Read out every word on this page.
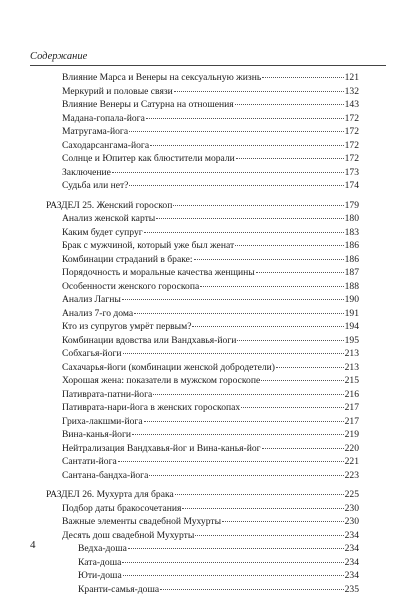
Содержание
Влияние Марса и Венеры на сексуальную жизнь	121
Меркурий и половые связи	132
Влияние Венеры и Сатурна на отношения	143
Мадана-гопала-йога	172
Матругама-йога	172
Саходарсангама-йога	172
Солнце и Юпитер как блюстители морали	172
Заключение	173
Судьба или нет?	174
РАЗДЕЛ 25. Женский гороскоп	179
Анализ женской карты	180
Каким будет супруг	183
Брак с мужчиной, который уже был женат	186
Комбинации страданий в браке:	186
Порядочность и моральные качества женщины	187
Особенности женского гороскопа	188
Анализ Лагны	190
Анализ 7-го дома	191
Кто из супругов умрёт первым?	194
Комбинации вдовства или Вандхавья-йоги	195
Собхагья-йоги	213
Сахачарья-йоги (комбинации женской добродетели)	213
Хорошая жена: показатели в мужском гороскопе	215
Пативрата-патни-йога	216
Пативрата-нари-йога в женских гороскопах	217
Гриха-лакшми-йога	217
Вина-канья-йоги	219
Нейтрализация Вандхавья-йог и Вина-канья-йог	220
Сантати-йога	221
Сантана-бандха-йога	223
РАЗДЕЛ 26. Мухурта для брака	225
Подбор даты бракосочетания	230
Важные элементы свадебной Мухурты	230
Десять дош свадебной Мухурты	234
Ведха-доша	234
Ката-доша	234
Юти-доша	234
Кранти-самья-доша	235
4
